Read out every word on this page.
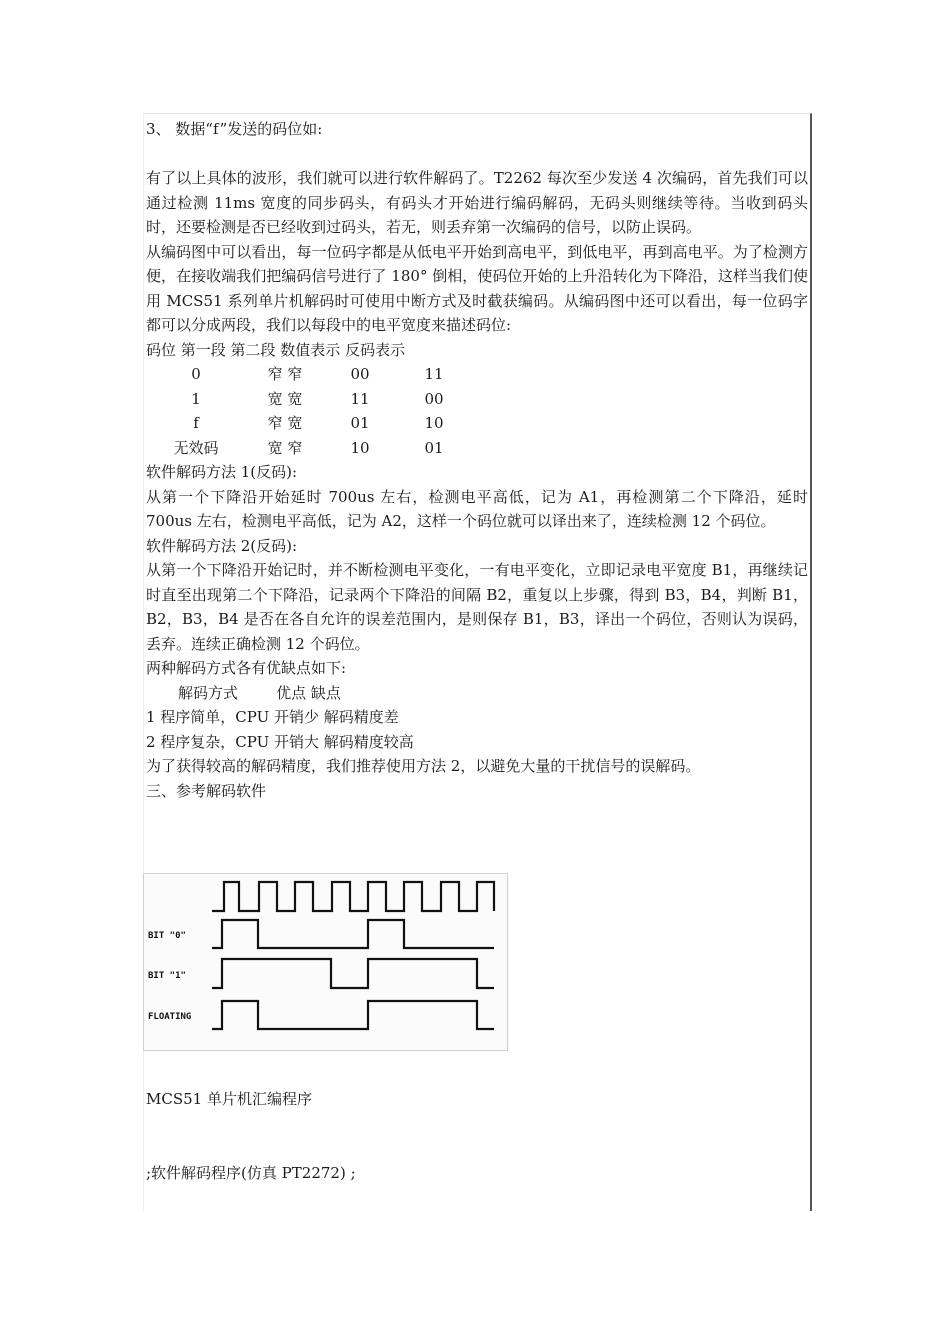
3、 数据“f”发送的码位如:

有了以上具体的波形，我们就可以进行软件解码了。T2262 每次至少发送 4 次编码，首先我们可以通过检测 11ms 宽度的同步码头，有码头才开始进行编码解码，无码头则继续等待。当收到码头时，还要检测是否已经收到过码头，若无，则丢弃第一次编码的信号，以防止误码。

从编码图中可以看出，每一位码字都是从低电平开始到高电平，到低电平，再到高电平。为了检测方便，在接收端我们把编码信号进行了 180° 倒相，使码位开始的上升沿转化为下降沿，这样当我们使用 MCS51 系列单片机解码时可使用中断方式及时截获编码。从编码图中还可以看出，每一位码字都可以分成两段，我们以每段中的电平宽度来描述码位:

码位 第一段 第二段 数值表示 反码表示
0	窄 窄	00	11
1	宽 宽	11	00
f	窄 宽	01	10
无效码	宽 窄	10	01
软件解码方法 1(反码):

从第一个下降沿开始延时 700us 左右，检测电平高低，记为 A1，再检测第二个下降沿，延时 700us 左右，检测电平高低，记为 A2，这样一个码位就可以译出来了，连续检测 12 个码位。

软件解码方法 2(反码):

从第一个下降沿开始记时，并不断检测电平变化，一有电平变化，立即记录电平宽度 B1，再继续记时直至出现第二个下降沿，记录两个下降沿的间隔 B2，重复以上步骤，得到 B3，B4，判断 B1，B2，B3，B4 是否在各自允许的误差范围内，是则保存 B1，B3，译出一个码位，否则认为误码，丢弃。连续正确检测 12 个码位。

两种解码方式各有优缺点如下:
解码方式        优点 缺点
1 程序简单，CPU 开销少 解码精度差
2 程序复杂，CPU 开销大 解码精度较高
为了获得较高的解码精度，我们推荐使用方法 2，以避免大量的干扰信号的误解码。
三、参考解码软件
BIT "0"
BIT "1"
FLOATING
MCS51 单片机汇编程序
;软件解码程序(仿真 PT2272) ;
